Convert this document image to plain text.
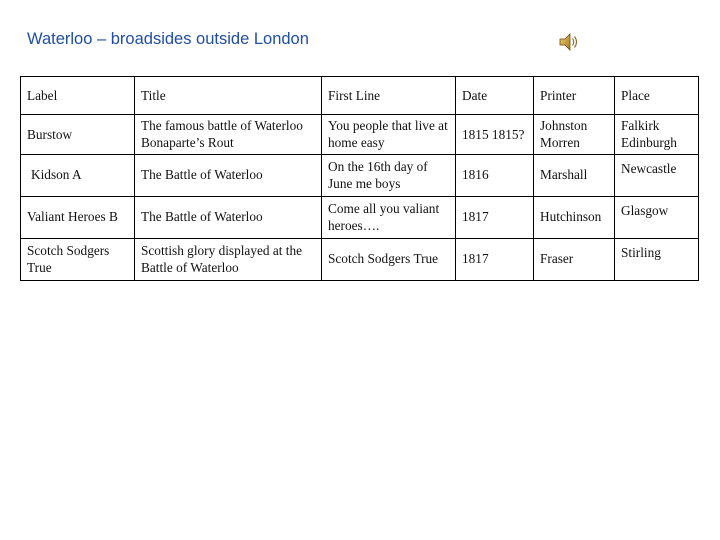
Waterloo – broadsides outside London
Label	Title	First Line	Date	Printer	Place
Burstow	The famous battle of Waterloo Bonaparte’s Rout	You people that live at home easy	1815 1815?	Johnston Morren	Falkirk Edinburgh
Kidson A	The Battle of Waterloo	On the 16th day of June me boys	1816	Marshall	Newcastle
Valiant Heroes B	The Battle of Waterloo	Come all you valiant heroes….	1817	Hutchinson	Glasgow
Scotch Sodgers True	Scottish glory displayed at the Battle of Waterloo	Scotch Sodgers True	1817	Fraser	Stirling
